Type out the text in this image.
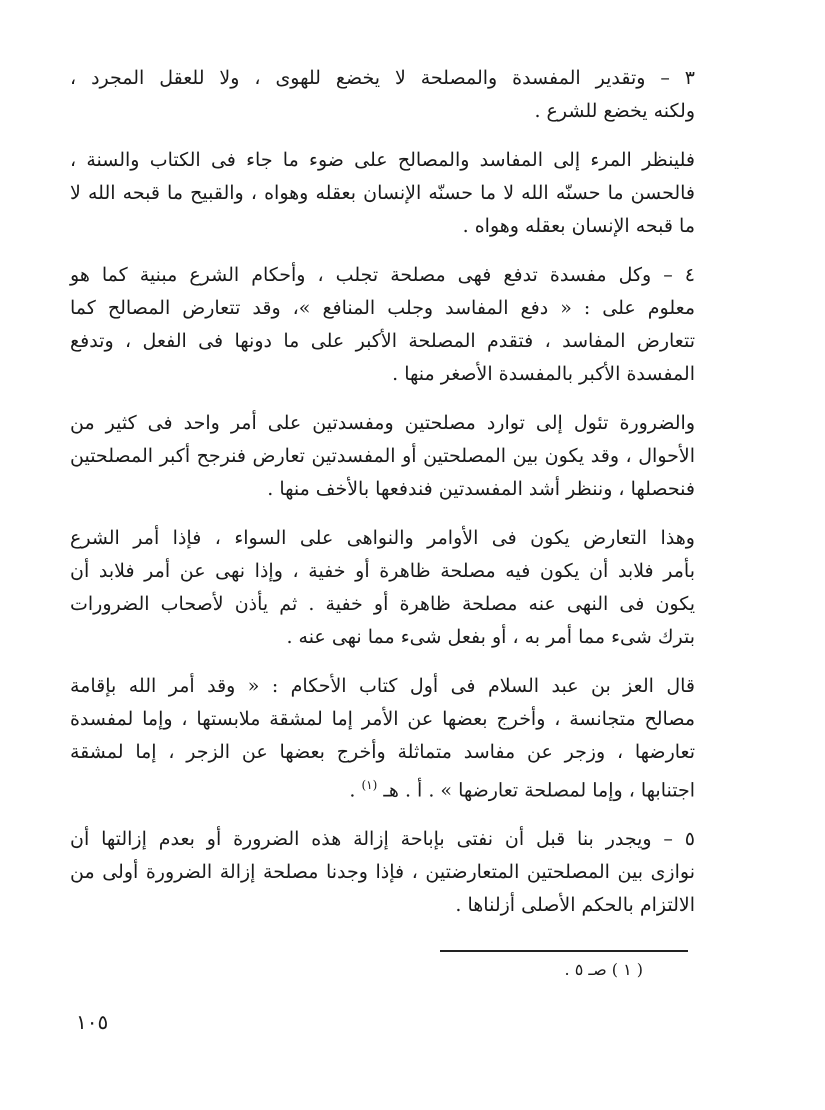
٣ – وتقدير المفسدة والمصلحة لا يخضع للهوى ، ولا للعقل المجرد ،
ولكنه يخضع للشرع .

فلينظر المرء إلى المفاسد والمصالح على ضوء ما جاء فى الكتاب والسنة ،
فالحسن ما حسنّه الله لا ما حسنّه الإنسان بعقله وهواه ، والقبيح ما قبحه الله لا
ما قبحه الإنسان بعقله وهواه .

٤ – وكل مفسدة تدفع فهى مصلحة تجلب ، وأحكام الشرع مبنية كما هو
معلوم على : « دفع المفاسد وجلب المنافع »، وقد تتعارض المصالح كما
تتعارض المفاسد ، فتقدم المصلحة الأكبر على ما دونها فى الفعل ، وتدفع
المفسدة الأكبر بالمفسدة الأصغر منها .

والضرورة تئول إلى توارد مصلحتين ومفسدتين على أمر واحد فى كثير من
الأحوال ، وقد يكون بين المصلحتين أو المفسدتين تعارض فنرجح أكبر المصلحتين
فنحصلها ، وننظر أشد المفسدتين فندفعها بالأخف منها .

وهذا التعارض يكون فى الأوامر والنواهى على السواء ، فإذا أمر الشرع
بأمر فلابد أن يكون فيه مصلحة ظاهرة أو خفية ، وإذا نهى عن أمر فلابد أن
يكون فى النهى عنه مصلحة ظاهرة أو خفية . ثم يأذن لأصحاب الضرورات
بترك شىء مما أمر به ، أو بفعل شىء مما نهى عنه .

قال العز بن عبد السلام فى أول كتاب الأحكام : « وقد أمر الله بإقامة
مصالح متجانسة ، وأخرج بعضها عن الأمر إما لمشقة ملابستها ، وإما لمفسدة
تعارضها ، وزجر عن مفاسد متماثلة وأخرج بعضها عن الزجر ، إما لمشقة
اجتنابها ، وإما لمصلحة تعارضها » . أ . هـ $^{(١)}$ .

٥ – ويجدر بنا قبل أن نفتى بإباحة إزالة هذه الضرورة أو بعدم إزالتها أن
نوازى بين المصلحتين المتعارضتين ، فإذا وجدنا مصلحة إزالة الضرورة أولى من
الالتزام بالحكم الأصلى أزلناها .

( ١ ) صـ ٥ .
١٠٥
